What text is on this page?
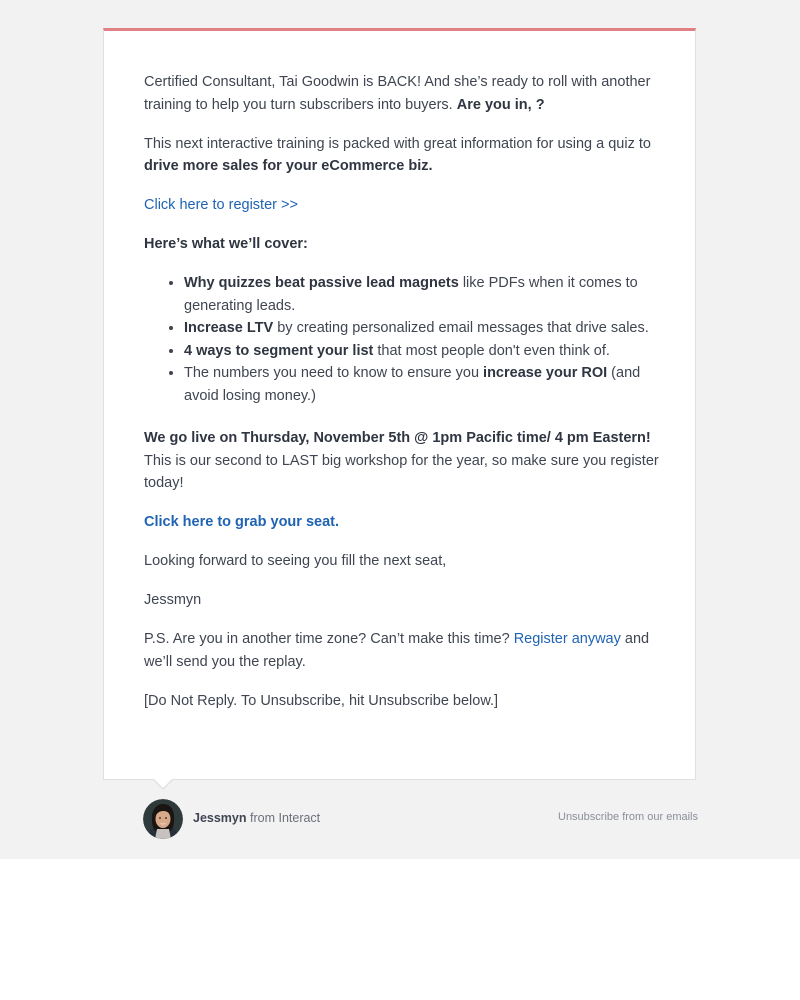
Certified Consultant, Tai Goodwin is BACK! And she’s ready to roll with another training to help you turn subscribers into buyers. Are you in, ?

This next interactive training is packed with great information for using a quiz to drive more sales for your eCommerce biz.

Click here to register >>

Here’s what we’ll cover:

• Why quizzes beat passive lead magnets like PDFs when it comes to generating leads.
• Increase LTV by creating personalized email messages that drive sales.
• 4 ways to segment your list that most people don't even think of.
• The numbers you need to know to ensure you increase your ROI (and avoid losing money.)

We go live on Thursday, November 5th @ 1pm Pacific time/ 4 pm Eastern! This is our second to LAST big workshop for the year, so make sure you register today!

Click here to grab your seat.

Looking forward to seeing you fill the next seat,

Jessmyn

P.S. Are you in another time zone? Can’t make this time? Register anyway and we’ll send you the replay.

[Do Not Reply. To Unsubscribe, hit Unsubscribe below.]

Jessmyn from Interact	Unsubscribe from our emails
